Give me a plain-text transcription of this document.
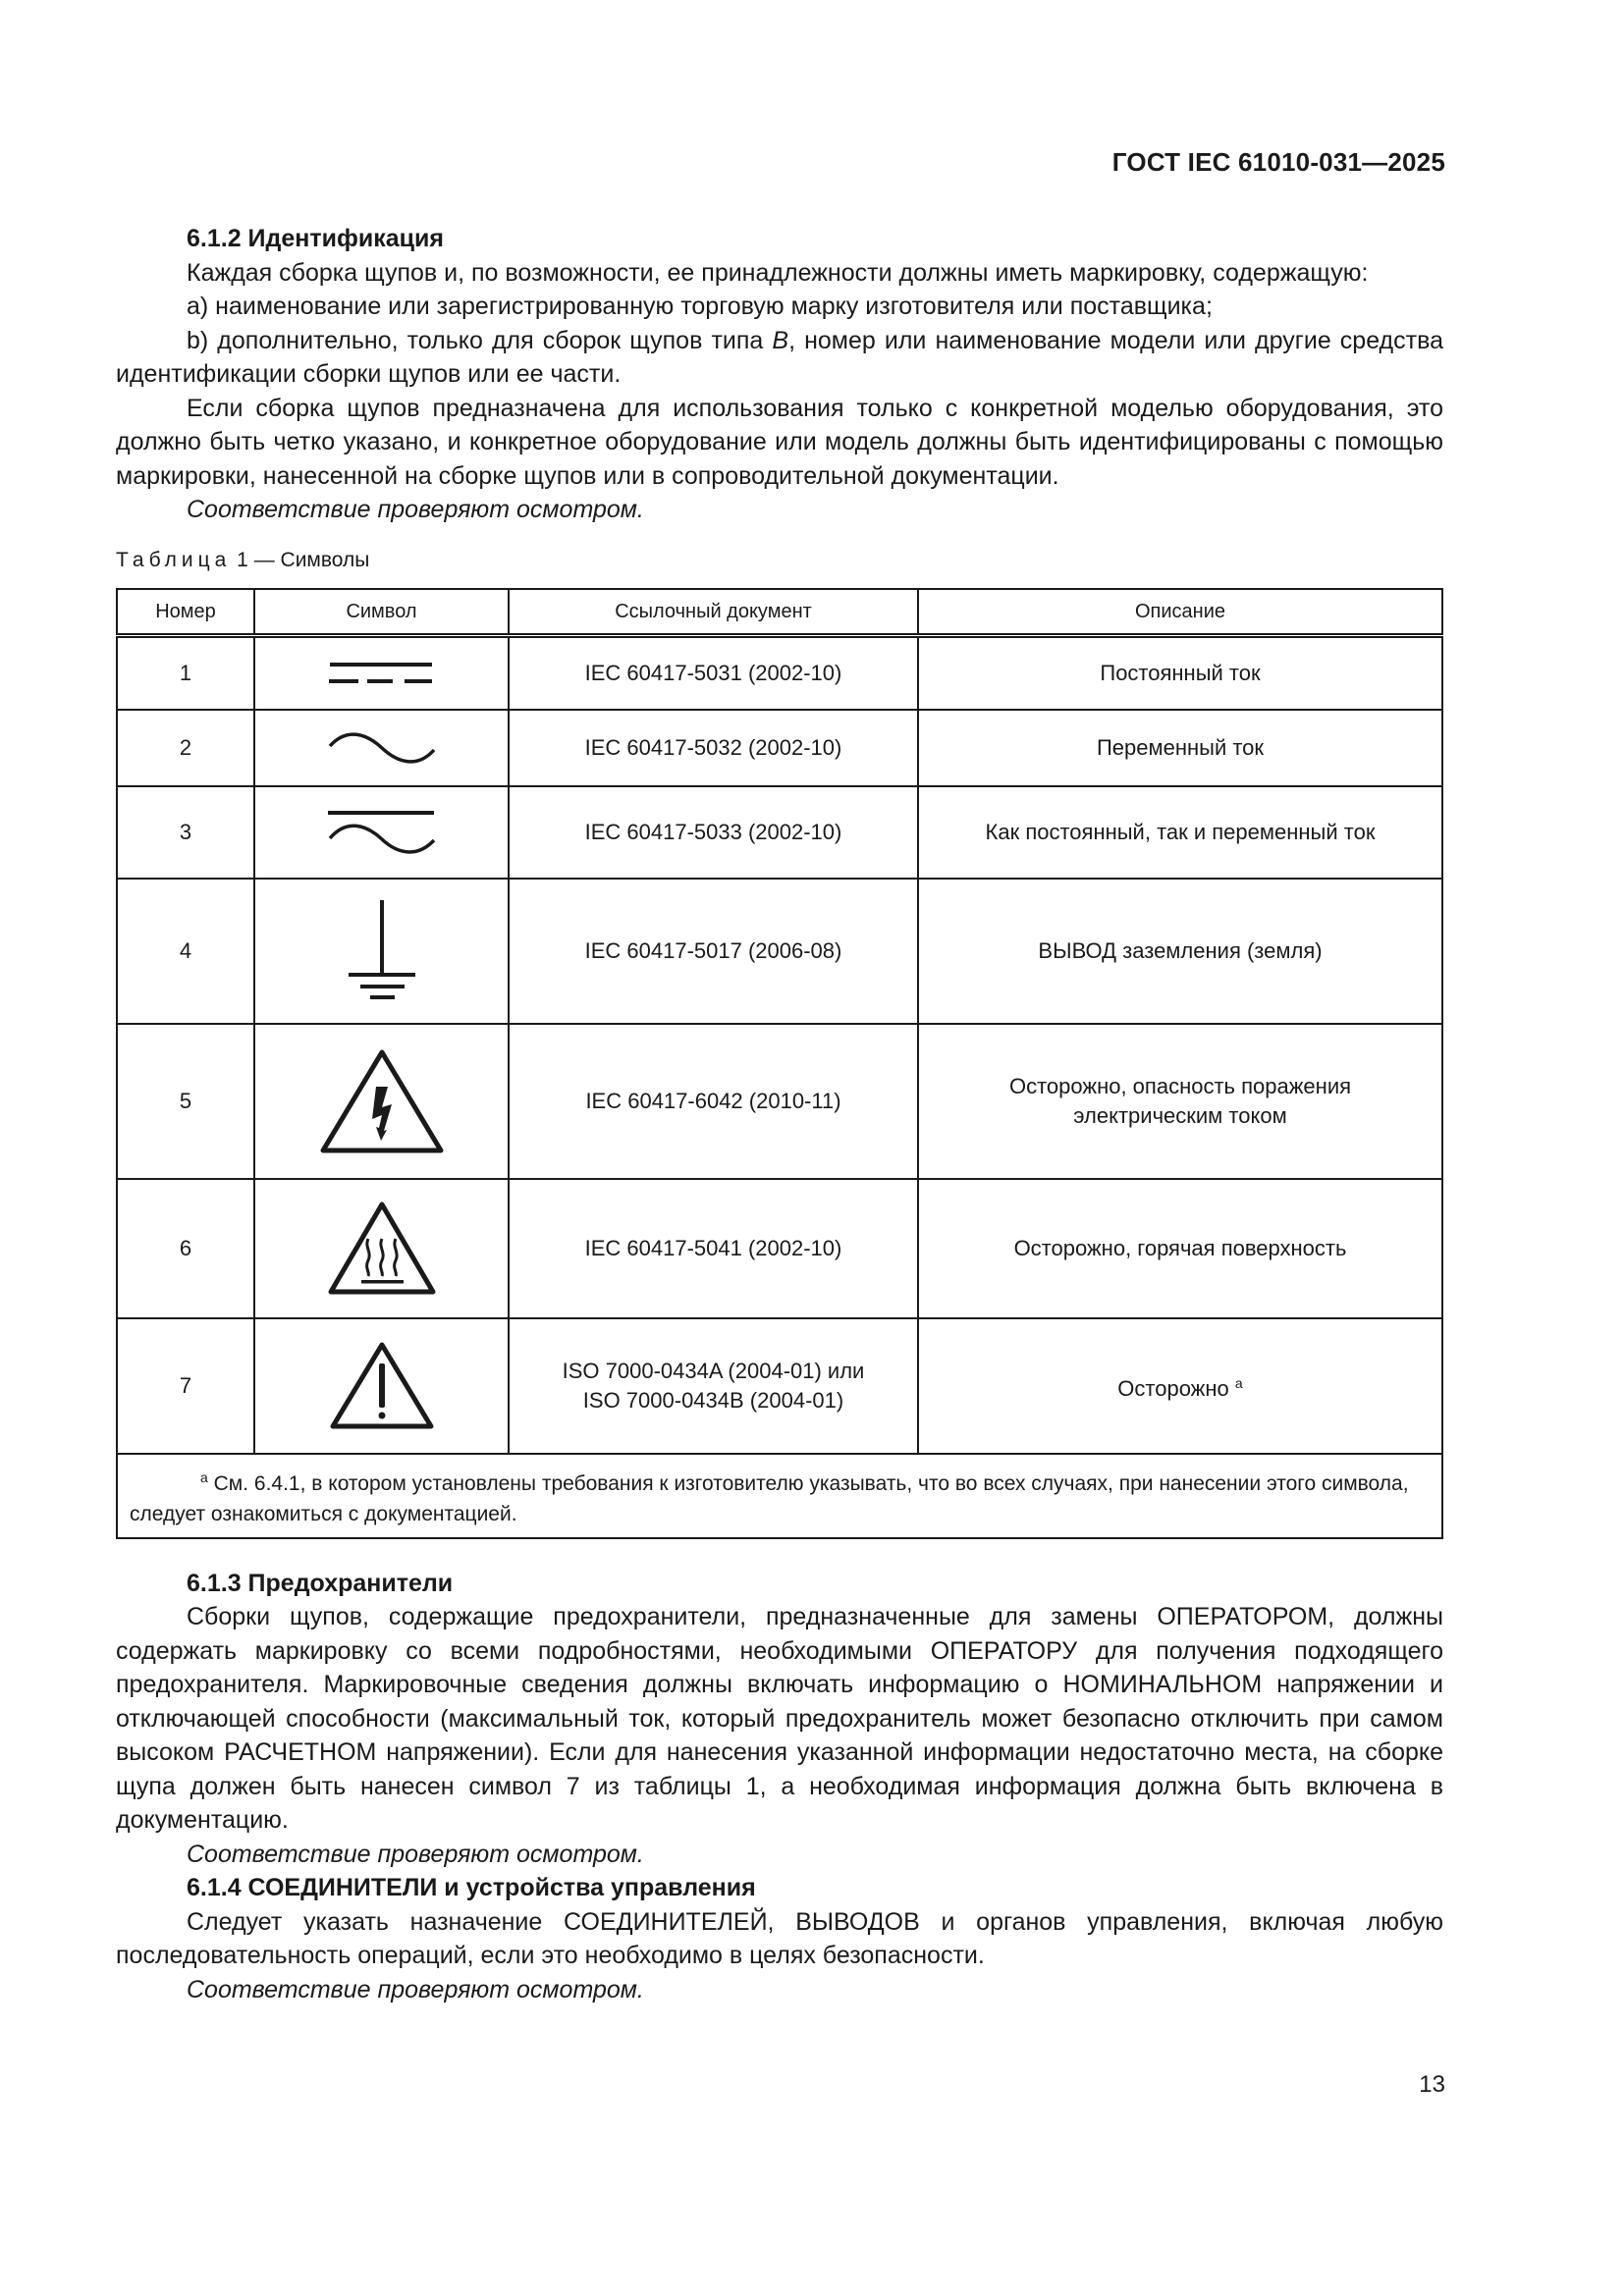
ГОСТ IEC 61010-031—2025

6.1.2 Идентификация

Каждая сборка щупов и, по возможности, ее принадлежности должны иметь маркировку, содержащую:

a) наименование или зарегистрированную торговую марку изготовителя или поставщика;

b) дополнительно, только для сборок щупов типа B, номер или наименование модели или другие средства идентификации сборки щупов или ее части.

Если сборка щупов предназначена для использования только с конкретной моделью оборудования, это должно быть четко указано, и конкретное оборудование или модель должны быть идентифицированы с помощью маркировки, нанесенной на сборке щупов или в сопроводительной документации.

Соответствие проверяют осмотром.

Таблица 1 — Символы
Номер	Символ	Ссылочный документ	Описание
1		IEC 60417-5031 (2002-10)	Постоянный ток
2		IEC 60417-5032 (2002-10)	Переменный ток
3		IEC 60417-5033 (2002-10)	Как постоянный, так и переменный ток
4		IEC 60417-5017 (2006-08)	ВЫВОД заземления (земля)
5		IEC 60417-6042 (2010-11)	Осторожно, опасность поражения
электрическим током

6		IEC 60417-5041 (2002-10)	Осторожно, горячая поверхность
7		ISO 7000-0434A (2004-01) или
ISO 7000-0434B (2004-01)	Осторожно $^a$
$^a$ См. 6.4.1, в котором установлены требования к изготовителю указывать, что во всех случаях, при нанесении этого символа, следует ознакомиться с документацией.			

6.1.3 Предохранители

Сборки щупов, содержащие предохранители, предназначенные для замены ОПЕРАТОРОМ, должны содержать маркировку со всеми подробностями, необходимыми ОПЕРАТОРУ для получения подходящего предохранителя. Маркировочные сведения должны включать информацию о НОМИНАЛЬНОМ напряжении и отключающей способности (максимальный ток, который предохранитель может безопасно отключить при самом высоком РАСЧЕТНОМ напряжении). Если для нанесения указанной информации недостаточно места, на сборке щупа должен быть нанесен символ 7 из таблицы 1, а необходимая информация должна быть включена в документацию.

Соответствие проверяют осмотром.

6.1.4 СОЕДИНИТЕЛИ и устройства управления

Следует указать назначение СОЕДИНИТЕЛЕЙ, ВЫВОДОВ и органов управления, включая любую последовательность операций, если это необходимо в целях безопасности.

Соответствие проверяют осмотром.

13
